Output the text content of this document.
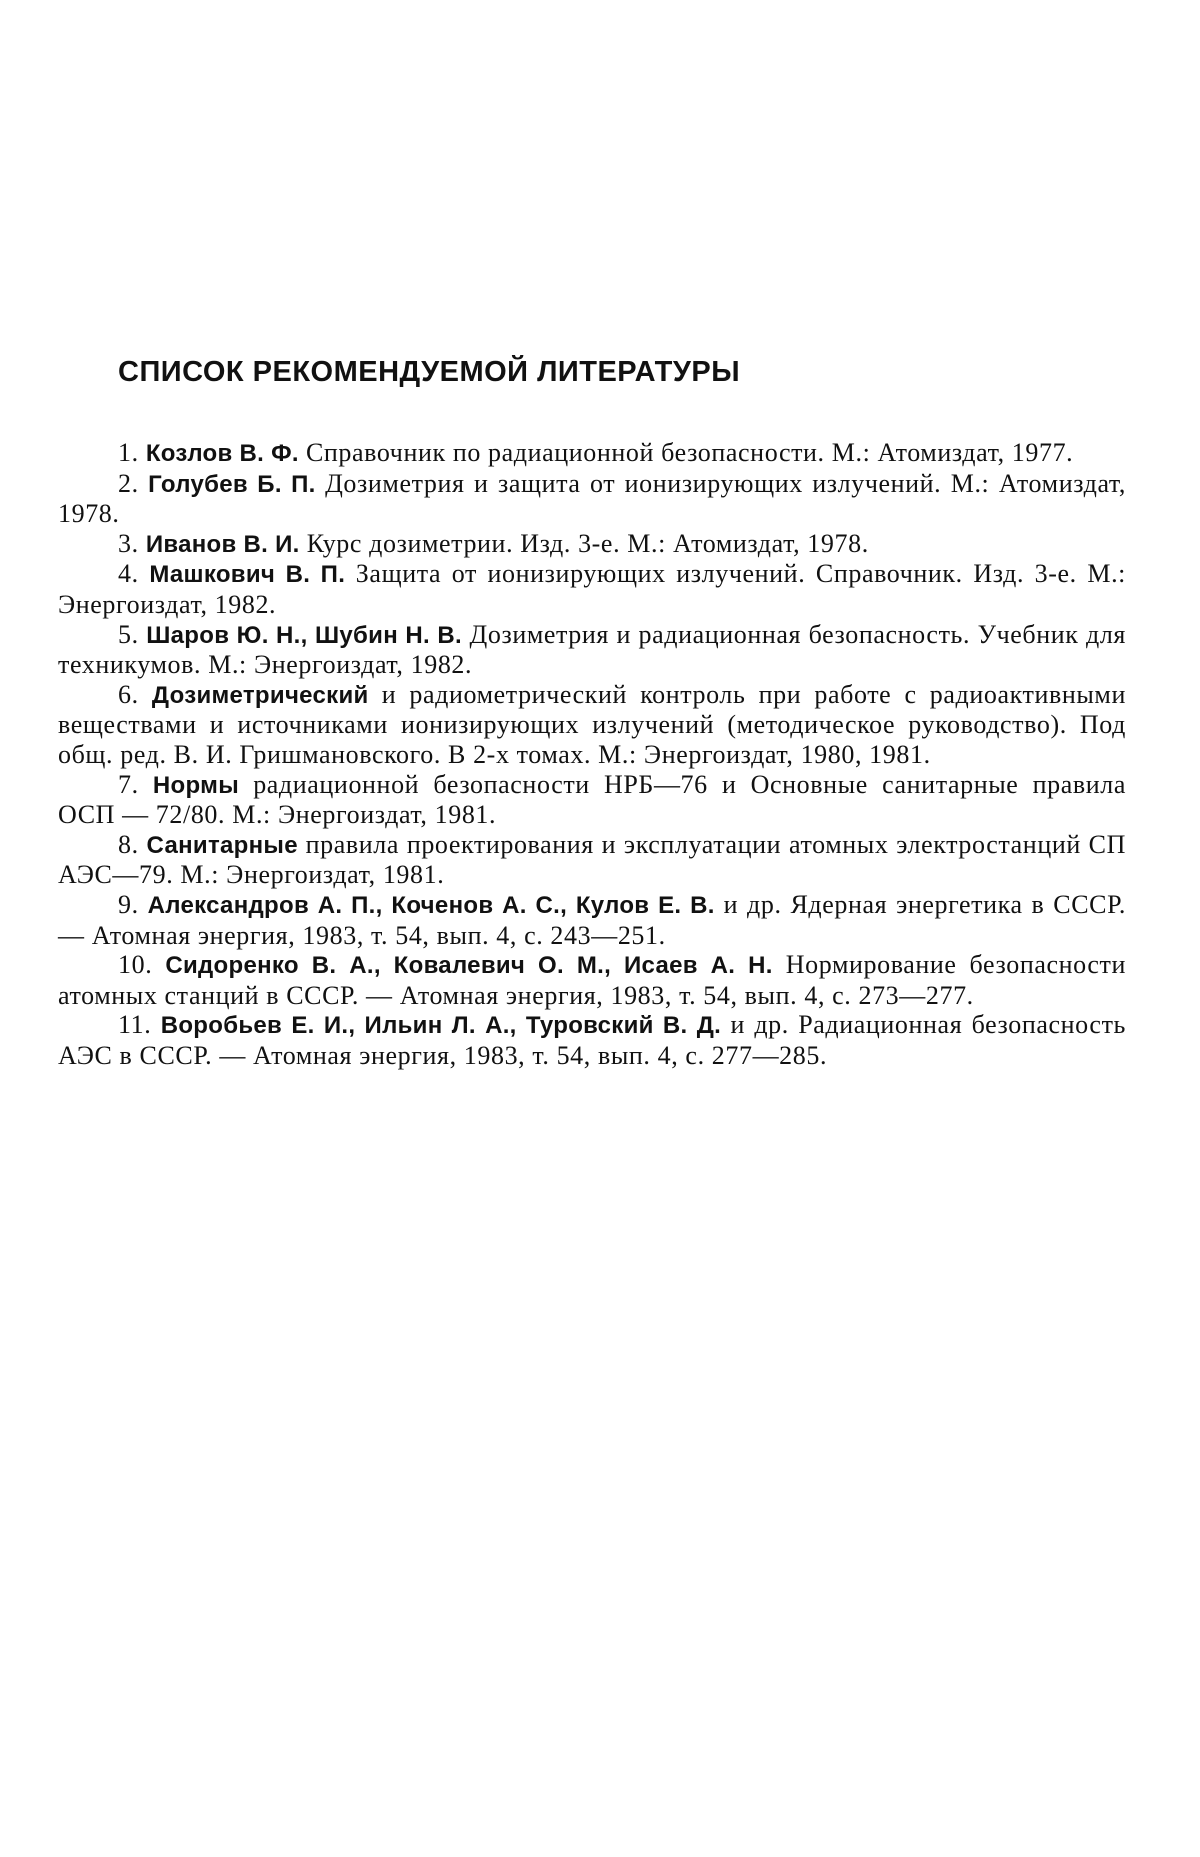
СПИСОК РЕКОМЕНДУЕМОЙ ЛИТЕРАТУРЫ

1. Козлов В. Ф. Справочник по радиационной безопасности. М.: Атомиздат, 1977.

2. Голубев Б. П. Дозиметрия и защита от ионизирующих излучений. М.: Атомиздат, 1978.

3. Иванов В. И. Курс дозиметрии. Изд. 3-е. М.: Атомиздат, 1978.

4. Машкович В. П. Защита от ионизирующих излучений. Справочник. Изд. 3-е. М.: Энергоиздат, 1982.

5. Шаров Ю. Н., Шубин Н. В. Дозиметрия и радиационная безопасность. Учебник для техникумов. М.: Энергоиздат, 1982.

6. Дозиметрический и радиометрический контроль при работе с радиоактивными веществами и источниками ионизирующих излучений (методическое руководство). Под общ. ред. В. И. Гришмановского. В 2-х томах. М.: Энергоиздат, 1980, 1981.

7. Нормы радиационной безопасности НРБ—76 и Основные санитарные правила ОСП — 72/80. М.: Энергоиздат, 1981.

8. Санитарные правила проектирования и эксплуатации атомных электростанций СП АЭС—79. М.: Энергоиздат, 1981.

9. Александров А. П., Коченов А. С., Кулов Е. В. и др. Ядерная энергетика в СССР. — Атомная энергия, 1983, т. 54, вып. 4, с. 243—251.

10. Сидоренко В. А., Ковалевич О. М., Исаев А. Н. Нормирование безопасности атомных станций в СССР. — Атомная энергия, 1983, т. 54, вып. 4, с. 273—277.

11. Воробьев Е. И., Ильин Л. А., Туровский В. Д. и др. Радиационная безопасность АЭС в СССР. — Атомная энергия, 1983, т. 54, вып. 4, с. 277—285.
